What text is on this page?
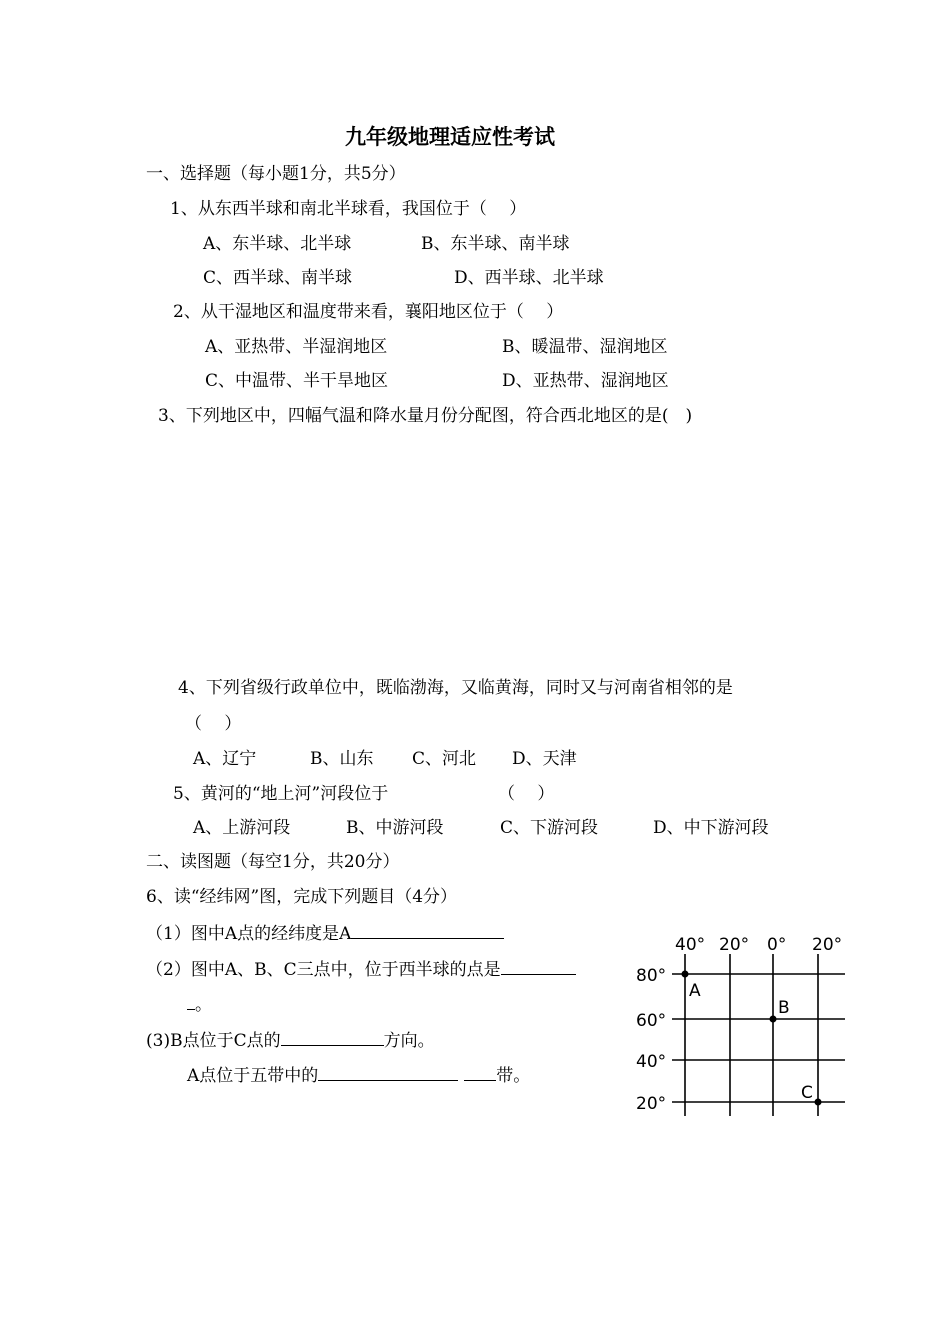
九年级地理适应性考试
一、选择题（每小题1分，共5分）
1、从东西半球和南北半球看，我国位于（　 ）
A、东半球、北半球	B、东半球、南半球
C、西半球、南半球	D、西半球、北半球
2、从干湿地区和温度带来看，襄阳地区位于（　 ）
A、亚热带、半湿润地区	B、暖温带、湿润地区
C、中温带、半干旱地区	D、亚热带、湿润地区
3、下列地区中，四幅气温和降水量月份分配图，符合西北地区的是(　)
4、下列省级行政单位中，既临渤海，又临黄海，同时又与河南省相邻的是
（　 ）
A、辽宁	B、山东 C、河北 D、天津
5、黄河的“地上河”河段位于	（　 ）
A、上游河段	B、中游河段	C、下游河段	D、中下游河段
二、读图题（每空1分，共20分）
6、读“经纬网”图，完成下列题目（4分）
（1）图中A点的经纬度是A
（2）图中A、B、C三点中，位于西半球的点是
。
(3)B点位于C点的	方向。
A点位于五带中的	带。
40° 20° 0° 20°
80°
60°
40°
20°
A
B
C
